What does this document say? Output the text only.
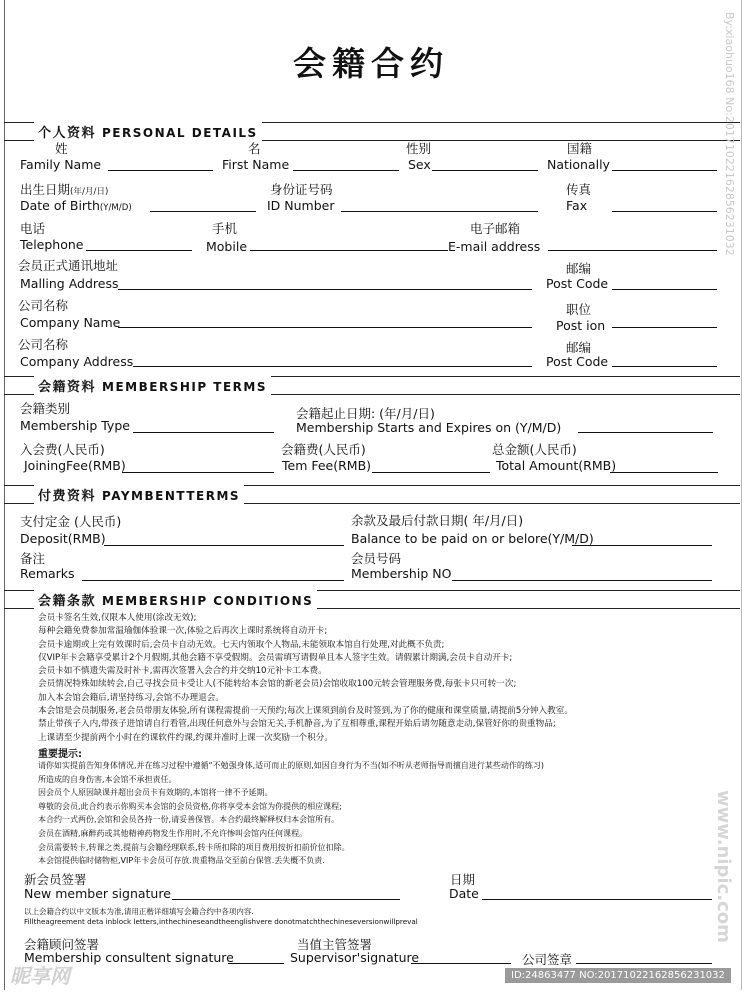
会籍合约
个人资料 PERSONAL DETAILS
姓
Family Name
名
First Name
性别
Sex
国籍
Nationally
出生日期(年/月/日)
Date of Birth(Y/M/D)
身份证号码
ID Number
传真
Fax
电话
Telephone
手机
Mobile
电子邮箱
E-mail address
会员正式通讯地址
Malling Address
邮编
Post Code
公司名称
Company Name
职位
Post ion
公司名称
Company Address
邮编
Post Code
会籍资料 MEMBERSHIP TERMS
会籍类别
Membership Type
会籍起止日期: (年/月/日)
Membership Starts and Expires on (Y/M/D)
入会费(人民币)
JoiningFee(RMB)
会籍费(人民币)
Tem Fee(RMB)
总金额(人民币)
Total Amount(RMB)
付费资料 PAYMBENTTERMS
支付定金 (人民币)
Deposit(RMB)
余款及最后付款日期( 年/月/日)
Balance to be paid on or belore(Y/M/D)
备注
Remarks
会员号码
Membership NO
会籍条款 MEMBERSHIP CONDITIONS
会员卡签名生效,仅限本人使用(涂改无效);
每种会籍免费参加常温瑜伽体验课一次,体验之后再次上课时系统将自动开卡;
会员卡逾期或上完有效课时后,会员卡自动无效。七天内领取个人物品,未能领取本馆自行处理,对此概不负责;
仅VIP年卡会籍享受累计2个月假期,其他会籍不享受假期。会员需填写请假单且本人签字生效。请假累计期满,会员卡自动开卡;
会员卡如不慎遗失需及时补卡,需再次签署入会合约并交纳10元补卡工本费。
会员情况特殊如续转会,自己寻找会员卡受让人(不能转给本会馆的新老会员)会馆收取100元转会管理服务费,每张卡只可转一次;
加入本会馆会籍后,请坚持练习,会馆不办理退会。
本会馆是会员制服务,老会员带朋友体验,所有课程需提前一天预约;每次上课须到前台及时签到,为了你的健康和课堂质量,请提前5分钟入教室。
禁止带孩子入内,带孩子进馆请自行看管,出现任何意外与会馆无关,手机静音,为了互相尊重,课程开始后请勿随意走动,保管好你的贵重物品;
上课请至少提前两个小时在约课软件约课,约课并准时上课一次奖励一个积分。
重要提示:
请你如实提前告知身体情况,并在练习过程中遵循“不勉强身体,适可而止的原则,如因自身行为不当(如不听从老师指导而擅自进行某些动作的练习)
所造成的自身伤害,本会馆不承担责任。
因会员个人原因缺课并超出会员卡有效期的,本馆将一律不予延期。
尊敬的会员,此合约表示你购买本会馆的会员资格,你将享受本会馆为你提供的相应课程;
本合约一式两份,会馆和会员各持一份,请妥善保管。本合约最终解释权归本会馆所有。
会员在酒精,麻醉药或其他精神药物发生作用时,不允许惨叫会馆内任何课程。
会员需要转卡,转课之类,提前与会籍经理联系,转卡所扣除的项目费用按折扣前价位扣除。
本会馆提供临时储物柜,VIP年卡会员可存放.贵重物品交至前台保管.丢失概不负责.
新会员签署
New member signature
日期
Date
以上会籍合约以中文版本为准,请用正楷详细填写会籍合约中各项内容.
Filltheagreement deta inblock letters,inthechineseandtheenglishvere donotmatchthechineseversionwillpreval
会籍顾问签署
Membership consultent signature
当值主管签署
Supervisor'signature	公司签章
昵享网	ID:24863477 NO:20171022162856231032
By:xiaohuo168 No:20171022162856231032
www.nipic.com
